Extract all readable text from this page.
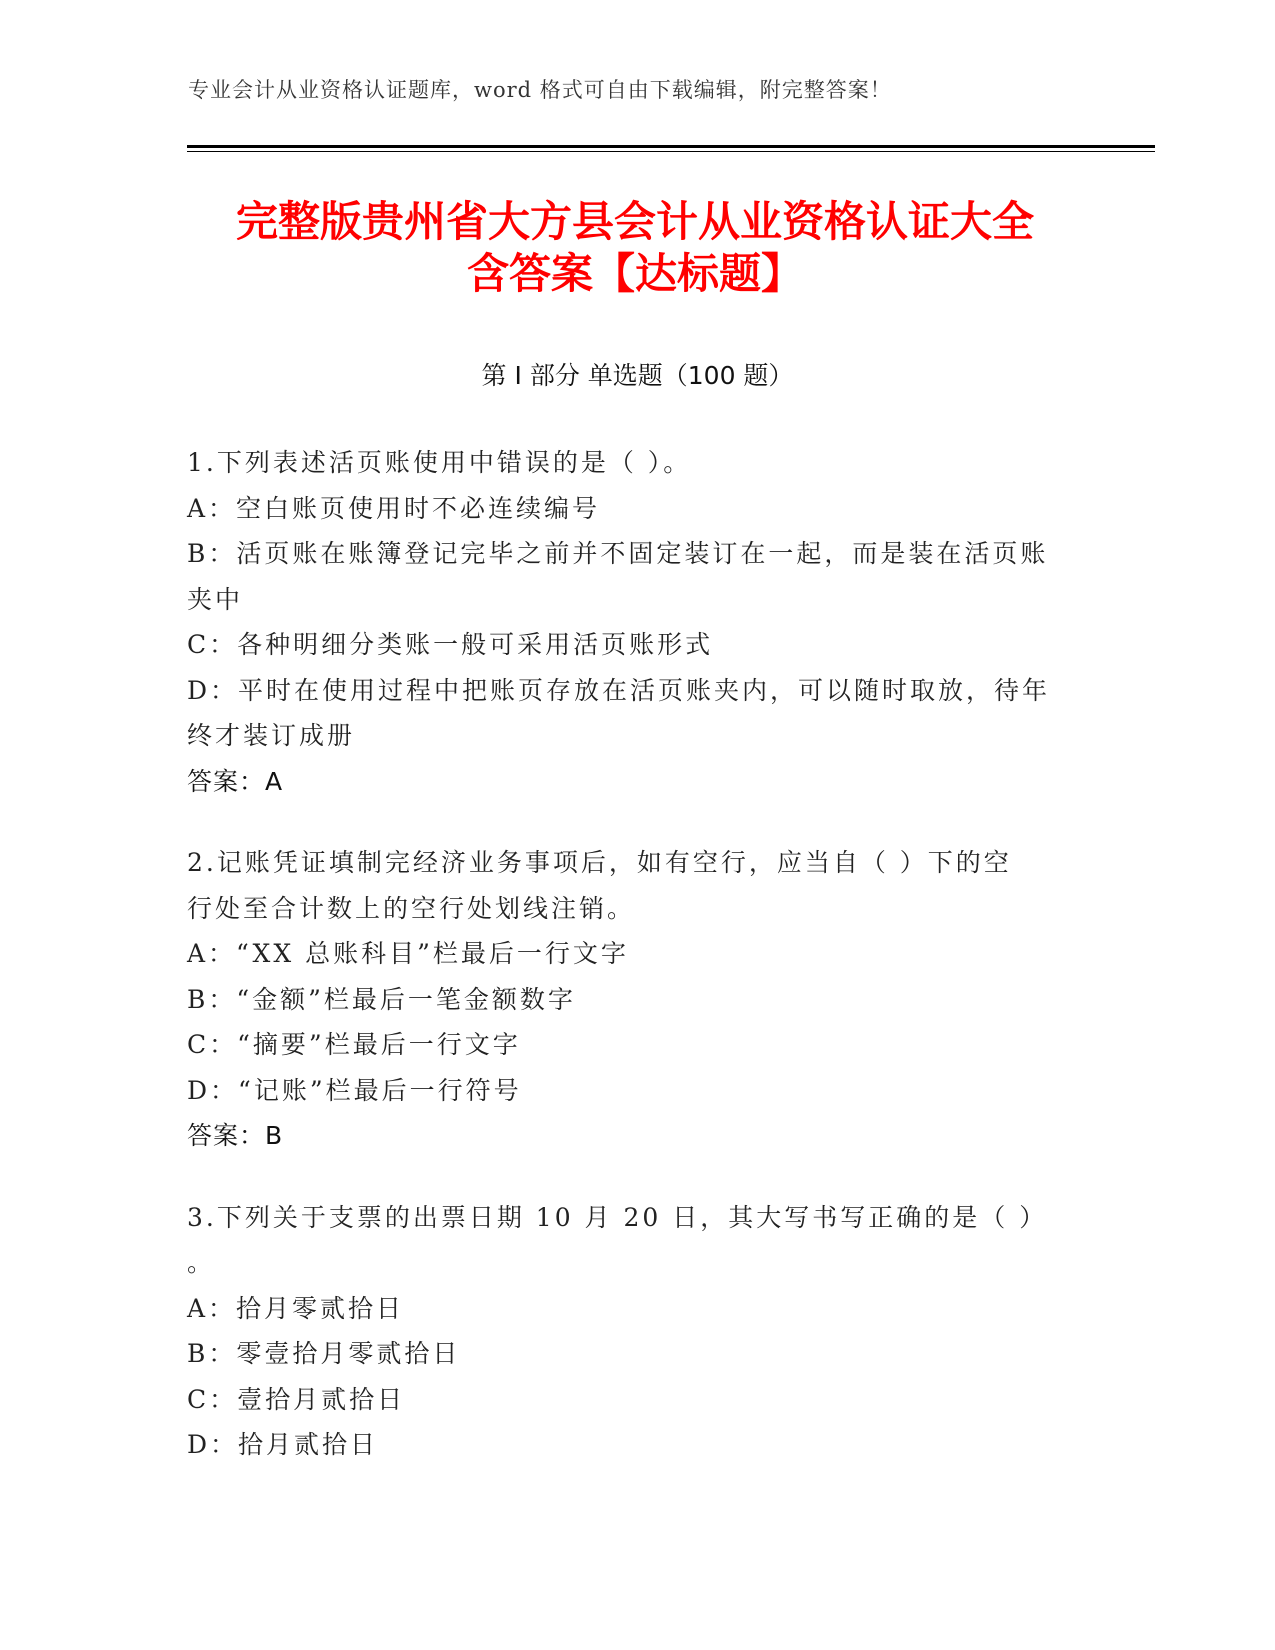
专业会计从业资格认证题库，word 格式可自由下载编辑，附完整答案！
完整版贵州省大方县会计从业资格认证大全
含答案【达标题】
第 I 部分 单选题（100 题）
1.下列表述活页账使用中错误的是（ ）。
A：空白账页使用时不必连续编号
B：活页账在账簿登记完毕之前并不固定装订在一起，而是装在活页账
夹中
C：各种明细分类账一般可采用活页账形式
D：平时在使用过程中把账页存放在活页账夹内，可以随时取放，待年
终才装订成册
答案：A
2.记账凭证填制完经济业务事项后，如有空行，应当自（ ）下的空
行处至合计数上的空行处划线注销。
A：“XX 总账科目”栏最后一行文字
B：“金额”栏最后一笔金额数字
C：“摘要”栏最后一行文字
D：“记账”栏最后一行符号
答案：B
3.下列关于支票的出票日期 10 月 20 日，其大写书写正确的是（ ）
。
A：拾月零贰拾日
B：零壹拾月零贰拾日
C：壹拾月贰拾日
D：拾月贰拾日
